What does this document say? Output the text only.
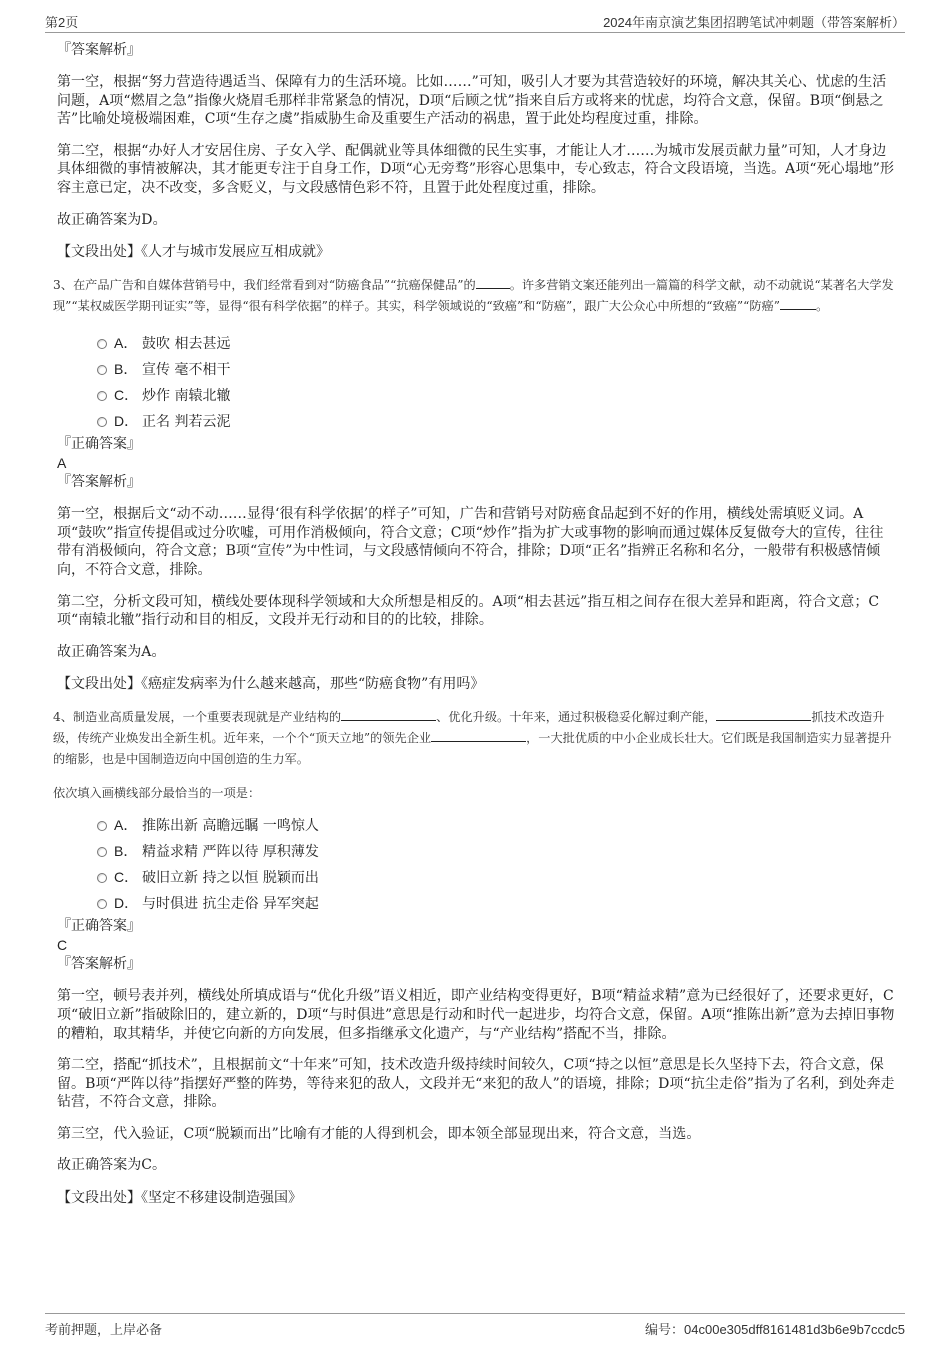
第2页	2024年南京演艺集团招聘笔试冲刺题（带答案解析）

『答案解析』

第一空，根据“努力营造待遇适当、保障有力的生活环境。比如……”可知，吸引人才要为其营造较好的环境，解决其关心、忧虑的生活问题，A项“燃眉之急”指像火烧眉毛那样非常紧急的情况，D项“后顾之忧”指来自后方或将来的忧虑，均符合文意，保留。B项“倒悬之苦”比喻处境极端困难，C项“生存之虞”指威胁生命及重要生产活动的祸患，置于此处均程度过重，排除。

第二空，根据“办好人才安居住房、子女入学、配偶就业等具体细微的民生实事，才能让人才……为城市发展贡献力量”可知，人才身边具体细微的事情被解决，其才能更专注于自身工作，D项“心无旁骛”形容心思集中，专心致志，符合文段语境，当选。A项“死心塌地”形容主意已定，决不改变，多含贬义，与文段感情色彩不符，且置于此处程度过重，排除。

故正确答案为D。

【文段出处】《人才与城市发展应互相成就》

3、在产品广告和自媒体营销号中，我们经常看到对“防癌食品”“抗癌保健品”的	。许多营销文案还能列出一篇篇的科学文献，动不动就说“某著名大学发现”“某权威医学期刊证实”等，显得“很有科学依据”的样子。其实，科学领域说的“致癌”和“防癌”，跟广大公众心中所想的“致癌”“防癌”	。

A． 鼓吹 相去甚远
B． 宣传 毫不相干
C． 炒作 南辕北辙
D． 正名 判若云泥

『正确答案』

A

『答案解析』

第一空，根据后文“动不动……显得‘很有科学依据’的样子”可知，广告和营销号对防癌食品起到不好的作用，横线处需填贬义词。A项“鼓吹”指宣传提倡或过分吹嘘，可用作消极倾向，符合文意；C项“炒作”指为扩大或事物的影响而通过媒体反复做夸大的宣传，往往带有消极倾向，符合文意；B项“宣传”为中性词，与文段感情倾向不符合，排除；D项“正名”指辨正名称和名分，一般带有积极感情倾向，不符合文意，排除。

第二空，分析文段可知，横线处要体现科学领域和大众所想是相反的。A项“相去甚远”指互相之间存在很大差异和距离，符合文意；C项“南辕北辙”指行动和目的相反，文段并无行动和目的的比较，排除。

故正确答案为A。

【文段出处】《癌症发病率为什么越来越高，那些“防癌食物”有用吗》

4、制造业高质量发展，一个重要表现就是产业结构的	、优化升级。十年来，通过积极稳妥化解过剩产能，	抓技术改造升级，传统产业焕发出全新生机。近年来，一个个“顶天立地”的领先企业	，一大批优质的中小企业成长壮大。它们既是我国制造实力显著提升的缩影，也是中国制造迈向中国创造的生力军。

依次填入画横线部分最恰当的一项是：

A． 推陈出新 高瞻远瞩 一鸣惊人
B． 精益求精 严阵以待 厚积薄发
C． 破旧立新 持之以恒 脱颖而出
D． 与时俱进 抗尘走俗 异军突起

『正确答案』

C

『答案解析』

第一空，顿号表并列，横线处所填成语与“优化升级”语义相近，即产业结构变得更好，B项“精益求精”意为已经很好了，还要求更好，C项“破旧立新”指破除旧的，建立新的，D项“与时俱进”意思是行动和时代一起进步，均符合文意，保留。A项“推陈出新”意为去掉旧事物的糟粕，取其精华，并使它向新的方向发展，但多指继承文化遗产，与“产业结构”搭配不当，排除。

第二空，搭配“抓技术”，且根据前文“十年来”可知，技术改造升级持续时间较久，C项“持之以恒”意思是长久坚持下去，符合文意，保留。B项“严阵以待”指摆好严整的阵势，等待来犯的敌人，文段并无“来犯的敌人”的语境，排除；D项“抗尘走俗”指为了名利，到处奔走钻营，不符合文意，排除。

第三空，代入验证，C项“脱颖而出”比喻有才能的人得到机会，即本领全部显现出来，符合文意，当选。

故正确答案为C。

【文段出处】《坚定不移建设制造强国》

考前押题，上岸必备	编号：04c00e305dff8161481d3b6e9b7ccdc5
